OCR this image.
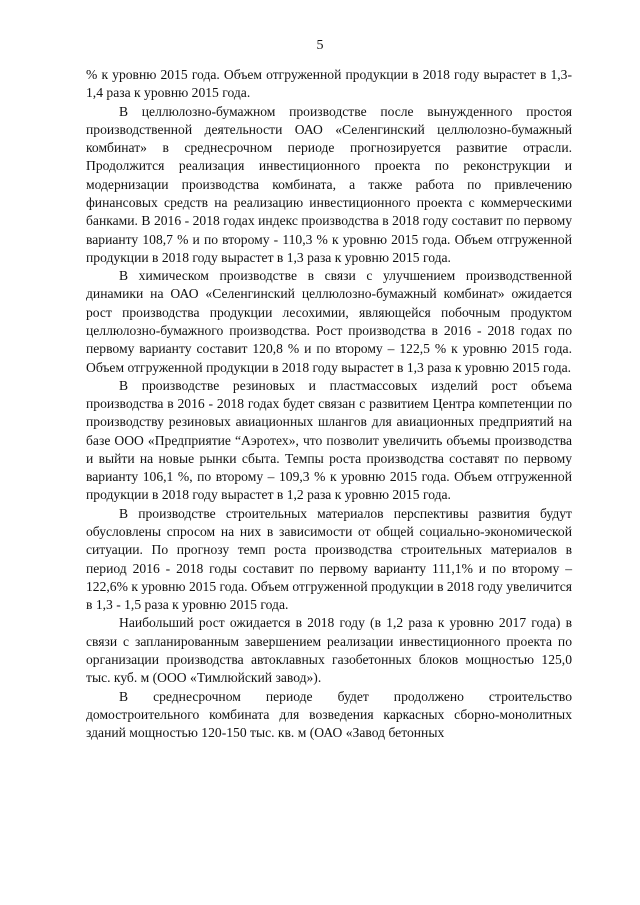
5

% к уровню 2015 года. Объем отгруженной продукции в 2018 году вырастет в 1,3-1,4 раза к уровню 2015 года.

В целлюлозно-бумажном производстве после вынужденного простоя производственной деятельности ОАО «Селенгинский целлюлозно-бумажный комбинат» в среднесрочном периоде прогнозируется развитие отрасли. Продолжится реализация инвестиционного проекта по реконструкции и модернизации производства комбината, а также работа по привлечению финансовых средств на реализацию инвестиционного проекта с коммерческими банками. В 2016 - 2018 годах индекс производства в 2018 году составит по первому варианту 108,7 % и по второму - 110,3 % к уровню 2015 года. Объем отгруженной продукции в 2018 году вырастет в 1,3 раза к уровню 2015 года.

В химическом производстве в связи с улучшением производственной динамики на ОАО «Селенгинский целлюлозно-бумажный комбинат» ожидается рост производства продукции лесохимии, являющейся побочным продуктом целлюлозно-бумажного производства. Рост производства в 2016 - 2018 годах по первому варианту составит 120,8 % и по второму – 122,5 % к уровню 2015 года. Объем отгруженной продукции в 2018 году вырастет в 1,3 раза к уровню 2015 года.

В производстве резиновых и пластмассовых изделий рост объема производства в 2016 - 2018 годах будет связан с развитием Центра компетенции по производству резиновых авиационных шлангов для авиационных предприятий на базе ООО «Предприятие “Аэротех», что позволит увеличить объемы производства и выйти на новые рынки сбыта. Темпы роста производства составят по первому варианту 106,1 %, по второму – 109,3 % к уровню 2015 года. Объем отгруженной продукции в 2018 году вырастет в 1,2 раза к уровню 2015 года.

В производстве строительных материалов перспективы развития будут обусловлены спросом на них в зависимости от общей социально-экономической ситуации. По прогнозу темп роста производства строительных материалов в период 2016 - 2018 годы составит по первому варианту 111,1% и по второму – 122,6% к уровню 2015 года. Объем отгруженной продукции в 2018 году увеличится в 1,3 - 1,5 раза к уровню 2015 года.

Наибольший рост ожидается в 2018 году (в 1,2 раза к уровню 2017 года) в связи с запланированным завершением реализации инвестиционного проекта по организации производства автоклавных газобетонных блоков мощностью 125,0 тыс. куб. м (ООО «Тимлюйский завод»).

В среднесрочном периоде будет продолжено строительство домостроительного комбината для возведения каркасных сборно-монолитных зданий мощностью 120-150 тыс. кв. м (ОАО «Завод бетонных
